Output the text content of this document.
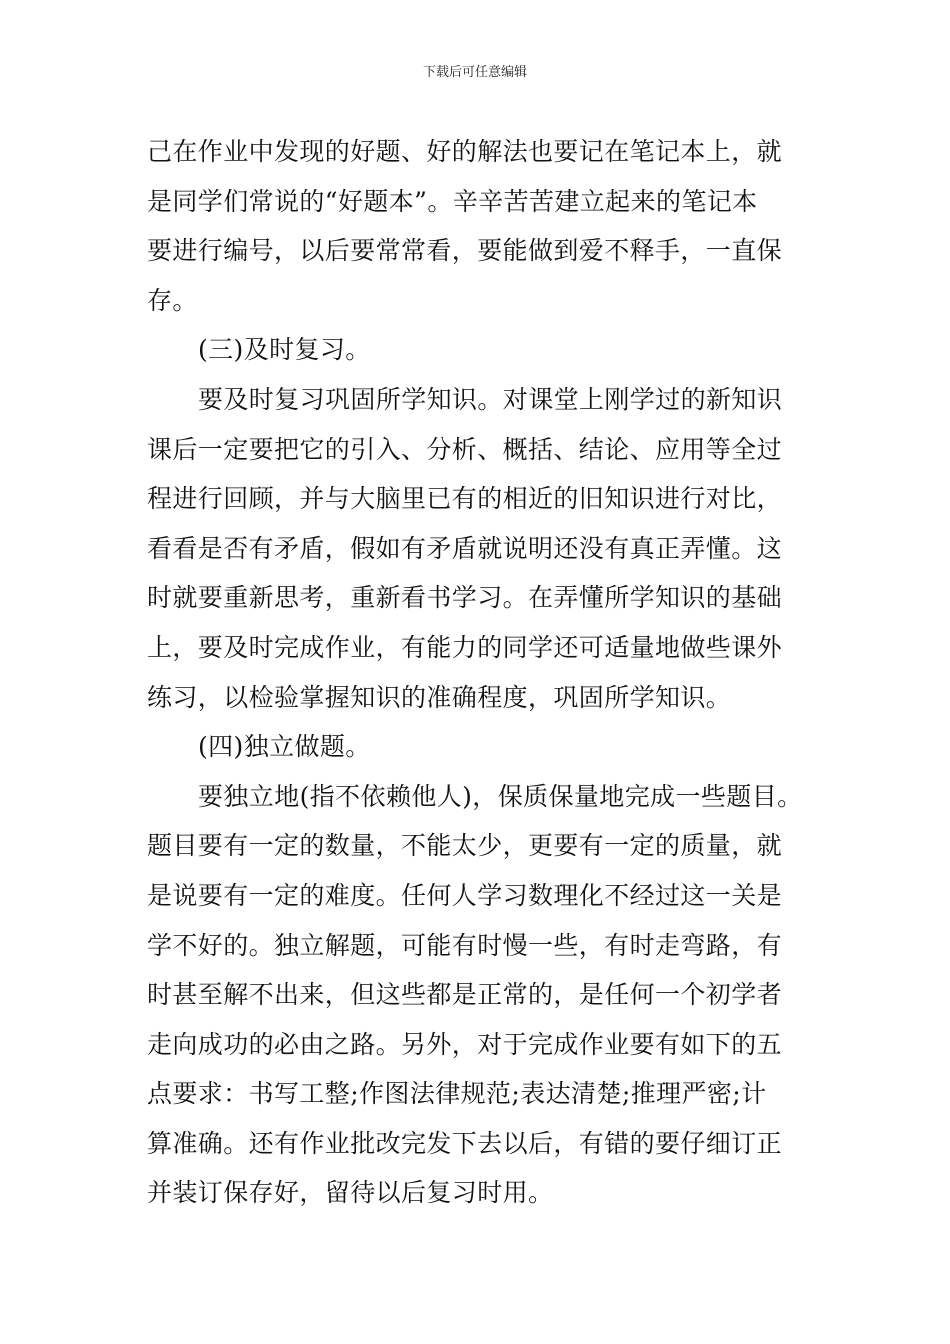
下载后可任意编辑
己在作业中发现的好题、好的解法也要记在笔记本上，就
是同学们常说的“好题本”。辛辛苦苦建立起来的笔记本
要进行编号，以后要常常看，要能做到爱不释手，一直保
存。
(三)及时复习。
要及时复习巩固所学知识。对课堂上刚学过的新知识
课后一定要把它的引入、分析、概括、结论、应用等全过
程进行回顾，并与大脑里已有的相近的旧知识进行对比，
看看是否有矛盾，假如有矛盾就说明还没有真正弄懂。这
时就要重新思考，重新看书学习。在弄懂所学知识的基础
上，要及时完成作业，有能力的同学还可适量地做些课外
练习，以检验掌握知识的准确程度，巩固所学知识。
(四)独立做题。
要独立地(指不依赖他人)，保质保量地完成一些题目。
题目要有一定的数量，不能太少，更要有一定的质量，就
是说要有一定的难度。任何人学习数理化不经过这一关是
学不好的。独立解题，可能有时慢一些，有时走弯路，有
时甚至解不出来，但这些都是正常的，是任何一个初学者
走向成功的必由之路。另外，对于完成作业要有如下的五
点要求：书写工整;作图法律规范;表达清楚;推理严密;计
算准确。还有作业批改完发下去以后，有错的要仔细订正
并装订保存好，留待以后复习时用。
